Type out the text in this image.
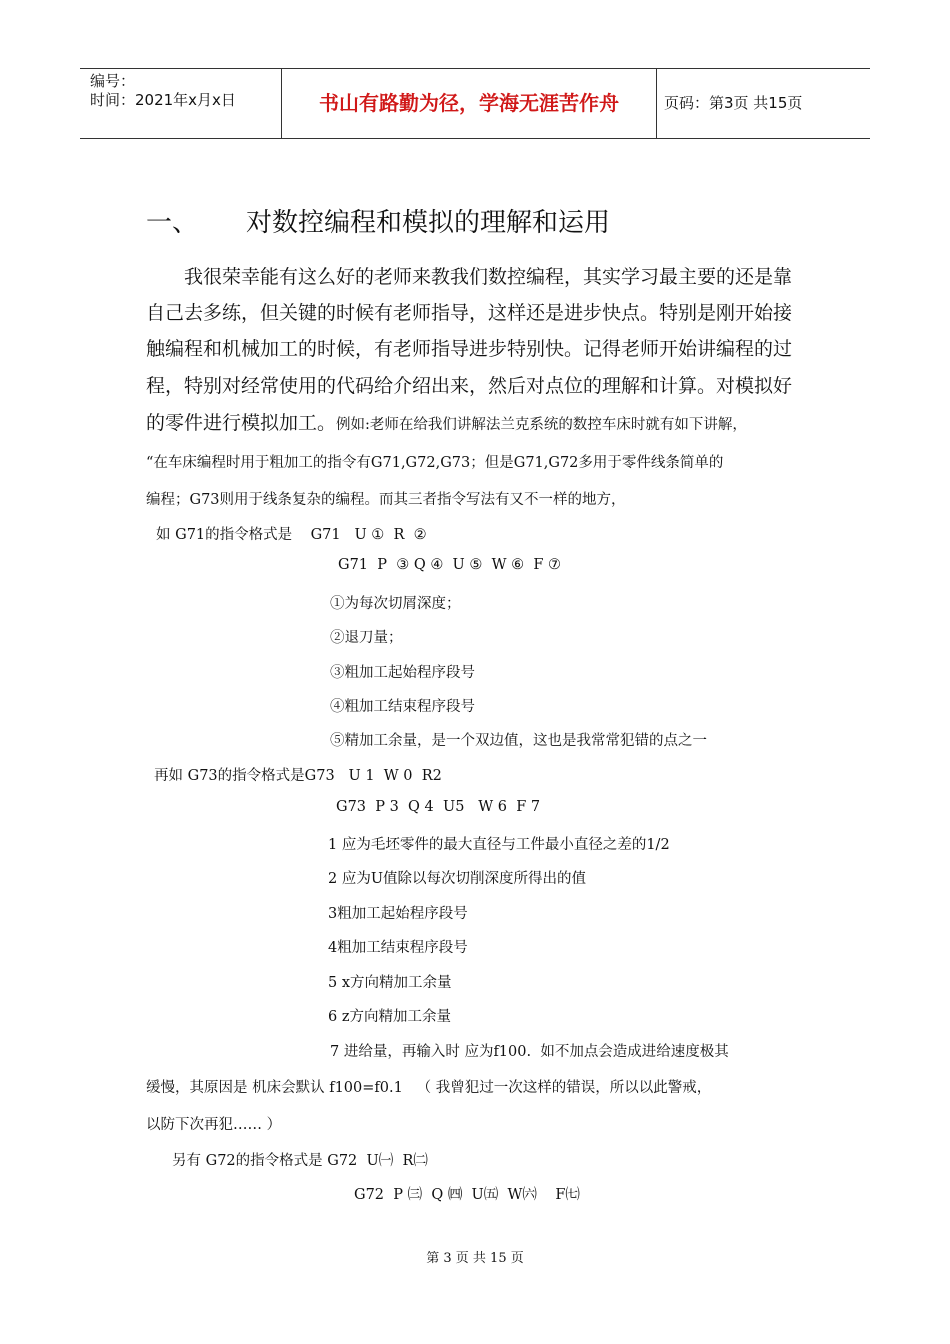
编号：
时间：2021年x月x日	书山有路勤为径，学海无涯苦作舟	页码：第3页 共15页
一、 对数控编程和模拟的理解和运用
我很荣幸能有这么好的老师来教我们数控编程，其实学习最主要的还是靠
自己去多练，但关键的时候有老师指导，这样还是进步快点。特别是刚开始接
触编程和机械加工的时候，有老师指导进步特别快。记得老师开始讲编程的过
程，特别对经常使用的代码给介绍出来，然后对点位的理解和计算。对模拟好
的零件进行模拟加工。例如:老师在给我们讲解法兰克系统的数控车床时就有如下讲解，
“在车床编程时用于粗加工的指令有G71,G72,G73；但是G71,G72多用于零件线条简单的
编程；G73则用于线条复杂的编程。而其三者指令写法有又不一样的地方，
如 G71的指令格式是    G71   U ①  R  ②
G71  P  ③ Q ④  U ⑤  W ⑥  F ⑦
①为每次切屑深度；
②退刀量；
③粗加工起始程序段号
④粗加工结束程序段号
⑤精加工余量，是一个双边值，这也是我常常犯错的点之一
再如 G73的指令格式是G73   U 1  W 0  R2
G73  P 3  Q 4  U5   W 6  F 7
1 应为毛坯零件的最大直径与工件最小直径之差的1/2
2 应为U值除以每次切削深度所得出的值
3粗加工起始程序段号
4粗加工结束程序段号
5 x方向精加工余量
6 z方向精加工余量
7 进给量，再输入时 应为f100.  如不加点会造成进给速度极其
缓慢，其原因是 机床会默认 f100=f0.1   （ 我曾犯过一次这样的错误，所以以此警戒，
以防下次再犯…… ）
另有 G72的指令格式是 G72  U㈠  R㈡
G72  P ㈢  Q ㈣  U㈤  W㈥    F㈦
第 3 页 共 15 页
